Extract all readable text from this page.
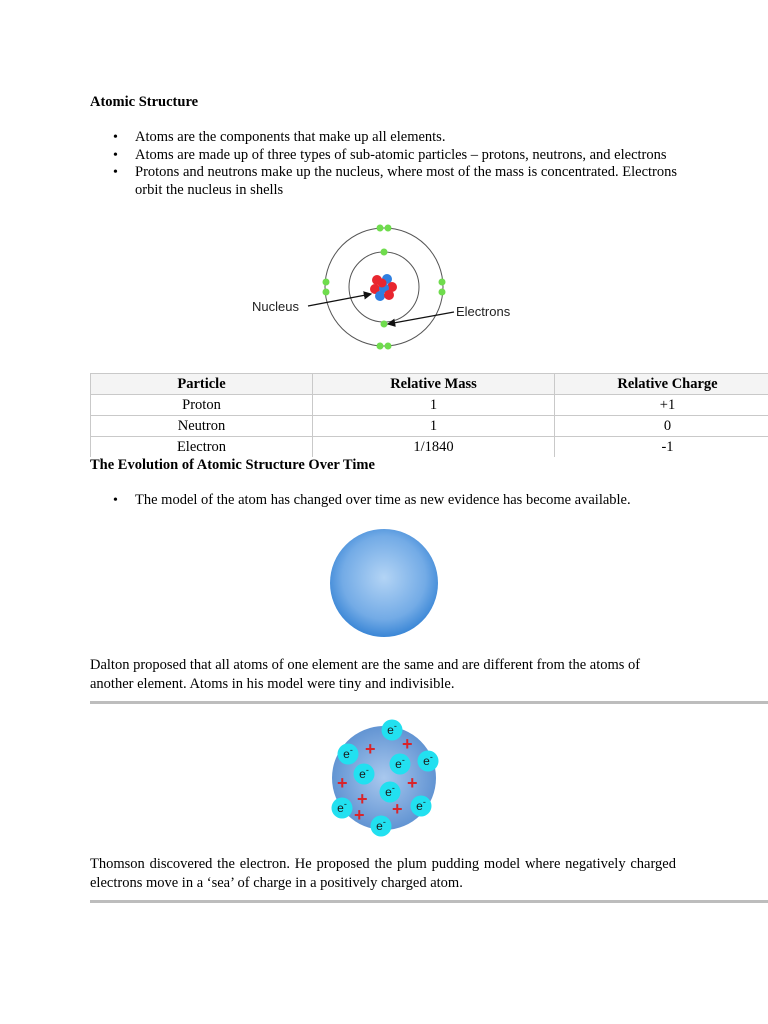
Atomic Structure
• Atoms are the components that make up all elements.
• Atoms are made up of three types of sub-atomic particles – protons, neutrons, and electrons
• Protons and neutrons make up the nucleus, where most of the mass is concentrated. Electrons orbit the nucleus in shells
Nucleus	Electrons
Particle	Relative Mass	Relative Charge
Proton	1	+1
Neutron	1	0
Electron	1/1840	-1
The Evolution of Atomic Structure Over Time
• The model of the atom has changed over time as new evidence has become available.

Dalton proposed that all atoms of one element are the same and are different from the atoms of another element. Atoms in his model were tiny and indivisible.

+ +
+	+
+ +
+
e-
e-
e-
e- e-
e-
e-	e-
e-

Thomson discovered the electron. He proposed the plum pudding model where negatively charged electrons move in a ‘sea’ of charge in a positively charged atom.
